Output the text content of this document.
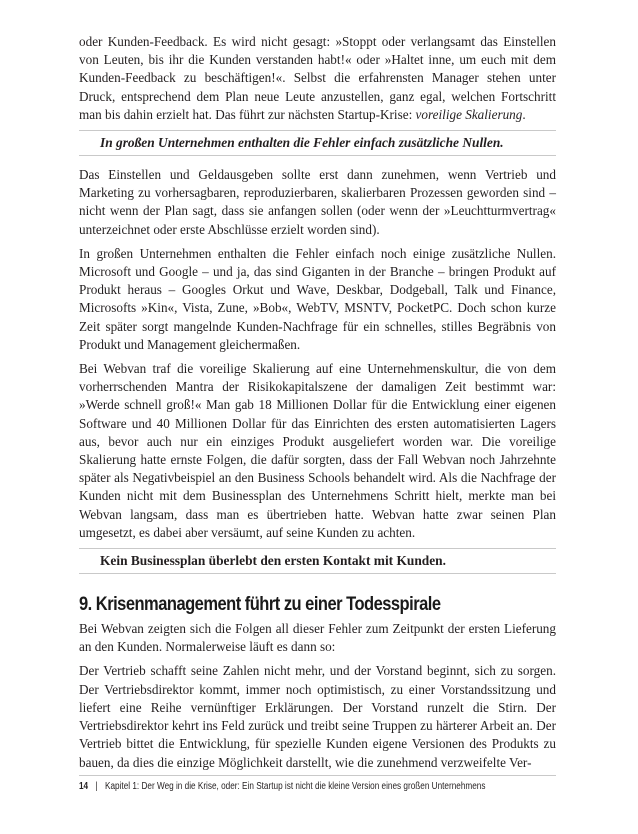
oder Kunden-Feedback. Es wird nicht gesagt: »Stoppt oder verlangsamt das Einstellen von Leuten, bis ihr die Kunden verstanden habt!« oder »Haltet inne, um euch mit dem Kunden-Feedback zu beschäftigen!«. Selbst die erfahrensten Manager stehen unter Druck, entsprechend dem Plan neue Leute anzustellen, ganz egal, welchen Fortschritt man bis dahin erzielt hat. Das führt zur nächsten Startup-Krise: voreilige Skalierung.

In großen Unternehmen enthalten die Fehler einfach zusätzliche Nullen.

Das Einstellen und Geldausgeben sollte erst dann zunehmen, wenn Vertrieb und Marketing zu vorhersagbaren, reproduzierbaren, skalierbaren Prozessen geworden sind – nicht wenn der Plan sagt, dass sie anfangen sollen (oder wenn der »Leuchtturmvertrag« unterzeichnet oder erste Abschlüsse erzielt worden sind).

In großen Unternehmen enthalten die Fehler einfach noch einige zusätzliche Nullen. Microsoft und Google – und ja, das sind Giganten in der Branche – bringen Produkt auf Produkt heraus – Googles Orkut und Wave, Deskbar, Dodgeball, Talk und Finance, Microsofts »Kin«, Vista, Zune, »Bob«, WebTV, MSNTV, PocketPC. Doch schon kurze Zeit später sorgt mangelnde Kunden-Nachfrage für ein schnelles, stilles Begräbnis von Produkt und Management gleichermaßen.

Bei Webvan traf die voreilige Skalierung auf eine Unternehmenskultur, die von dem vorherrschenden Mantra der Risikokapitalszene der damaligen Zeit bestimmt war: »Werde schnell groß!« Man gab 18 Millionen Dollar für die Entwicklung einer eigenen Software und 40 Millionen Dollar für das Einrichten des ersten automatisierten Lagers aus, bevor auch nur ein einziges Produkt ausgeliefert worden war. Die voreilige Skalierung hatte ernste Folgen, die dafür sorgten, dass der Fall Webvan noch Jahrzehnte später als Negativbeispiel an den Business Schools behandelt wird. Als die Nachfrage der Kunden nicht mit dem Businessplan des Unternehmens Schritt hielt, merkte man bei Webvan langsam, dass man es übertrieben hatte. Webvan hatte zwar seinen Plan umgesetzt, es dabei aber versäumt, auf seine Kunden zu achten.

Kein Businessplan überlebt den ersten Kontakt mit Kunden.
9. Krisenmanagement führt zu einer Todesspirale

Bei Webvan zeigten sich die Folgen all dieser Fehler zum Zeitpunkt der ersten Lieferung an den Kunden. Normalerweise läuft es dann so:

Der Vertrieb schafft seine Zahlen nicht mehr, und der Vorstand beginnt, sich zu sorgen. Der Vertriebsdirektor kommt, immer noch optimistisch, zu einer Vorstandssitzung und liefert eine Reihe vernünftiger Erklärungen. Der Vorstand runzelt die Stirn. Der Vertriebsdirektor kehrt ins Feld zurück und treibt seine Truppen zu härterer Arbeit an. Der Vertrieb bittet die Entwicklung, für spezielle Kunden eigene Versionen des Produkts zu bauen, da dies die einzige Möglichkeit darstellt, wie die zunehmend verzweifelte Ver-

14 | Kapitel 1: Der Weg in die Krise, oder: Ein Startup ist nicht die kleine Version eines großen Unternehmens
